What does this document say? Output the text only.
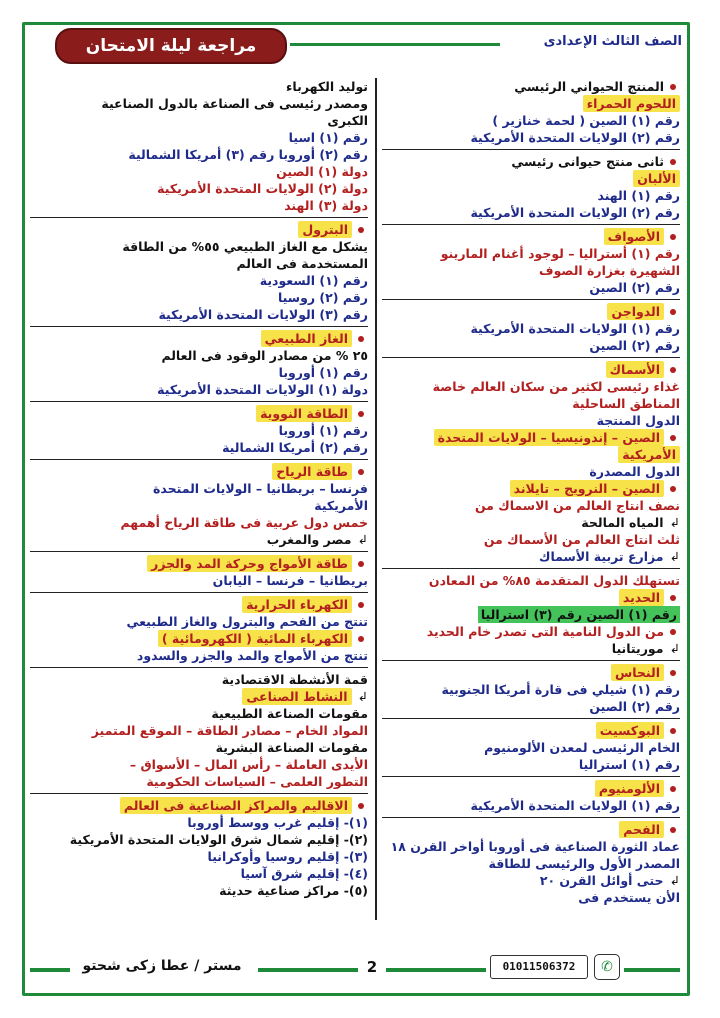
مراجعة ليلة الامتحان	الصف الثالث الإعدادى
المنتج الحيواني الرئيسي
اللحوم الحمراء
رقم (١) الصين ( لحمة خنازير )
رقم (٢) الولايات المتحدة الأمريكية
ثانى منتج حيوانى رئيسي
الألبان
رقم (١) الهند
رقم (٢) الولايات المتحدة الأمريكية
الأصواف
رقم (١) أستراليا – لوجود أغنام المارينو
الشهيرة بغزارة الصوف
رقم (٢) الصين
الدواجن
رقم (١) الولايات المتحدة الأمريكية
رقم (٢) الصين
الأسماك
غذاء رئيسى لكثير من سكان العالم خاصة
المناطق الساحلية
الدول المنتجة
الصين – إندونيسيا – الولايات المتحدة
الأمريكية
الدول المصدرة
الصين – النرويج – تايلاند
نصف انتاج العالم من الاسماك من
↲المياه المالحة
ثلث انتاج العالم من الأسماك من
↲مزارع تربية الأسماك
تستهلك الدول المتقدمة ٨٥% من المعادن
الحديد
رقم (١) الصين رقم (٣) استراليا
من الدول النامية التى تصدر خام الحديد
↲موريتانيا
النحاس
رقم (١) شيلي فى قارة أمريكا الجنوبية
رقم (٢) الصين
البوكسيت
الخام الرئيسى لمعدن الألومنيوم
رقم (١) استراليا
الألومنيوم
رقم (١) الولايات المتحدة الأمريكية
الفحم
عماد الثورة الصناعية فى أوروبا أواخر القرن ١٨
المصدر الأول والرئيسى للطاقة
↲حتى أوائل القرن ٢٠
الأن يستخدم فى
توليد الكهرباء
ومصدر رئيسى فى الصناعة بالدول الصناعية
الكبرى
رقم (١) اسيا
رقم (٢) أوروبا رقم (٣) أمريكا الشمالية
دولة (١) الصين
دولة (٢) الولايات المتحدة الأمريكية
دولة (٣) الهند
البترول
يشكل مع الغاز الطبيعي ٥٥% من الطاقة
المستخدمة فى العالم
رقم (١) السعودية
رقم (٢) روسيا
رقم (٣) الولايات المتحدة الأمريكية
الغاز الطبيعي
٢٥ % من مصادر الوقود فى العالم
رقم (١) أوروبا
دولة (١) الولايات المتحدة الأمريكية
الطاقة النووية
رقم (١) أوروبا
رقم (٢) أمريكا الشمالية
طاقة الرياح
فرنسا – بريطانيا – الولايات المتحدة
الأمريكية
خمس دول عربية فى طاقة الرياح أهمهم
↲مصر والمغرب
طاقة الأمواج وحركة المد والجزر
بريطانيا – فرنسا – اليابان
الكهرباء الحرارية
تنتج من الفحم والبترول والغاز الطبيعي
الكهرباء المائية ( الكهرومائية )
تنتج من الأمواج والمد والجزر والسدود
قمة الأنشطة الاقتصادية
↲النشاط الصناعى
مقومات الصناعة الطبيعية
المواد الخام – مصادر الطاقة – الموقع المتميز
مقومات الصناعة البشرية
الأيدى العاملة – رأس المال – الأسواق –
التطور العلمى – السياسات الحكومية
الاقاليم والمراكز الصناعية فى العالم
(١)- إقليم غرب ووسط أوروبا
(٢)- إقليم شمال شرق الولايات المتحدة الأمريكية
(٣)- إقليم روسيا وأوكرانيا
(٤)- إقليم شرق آسيا
(٥)- مراكز صناعية حديثة
مستر / عطا زكى شحتو	2	01011506372	✆
